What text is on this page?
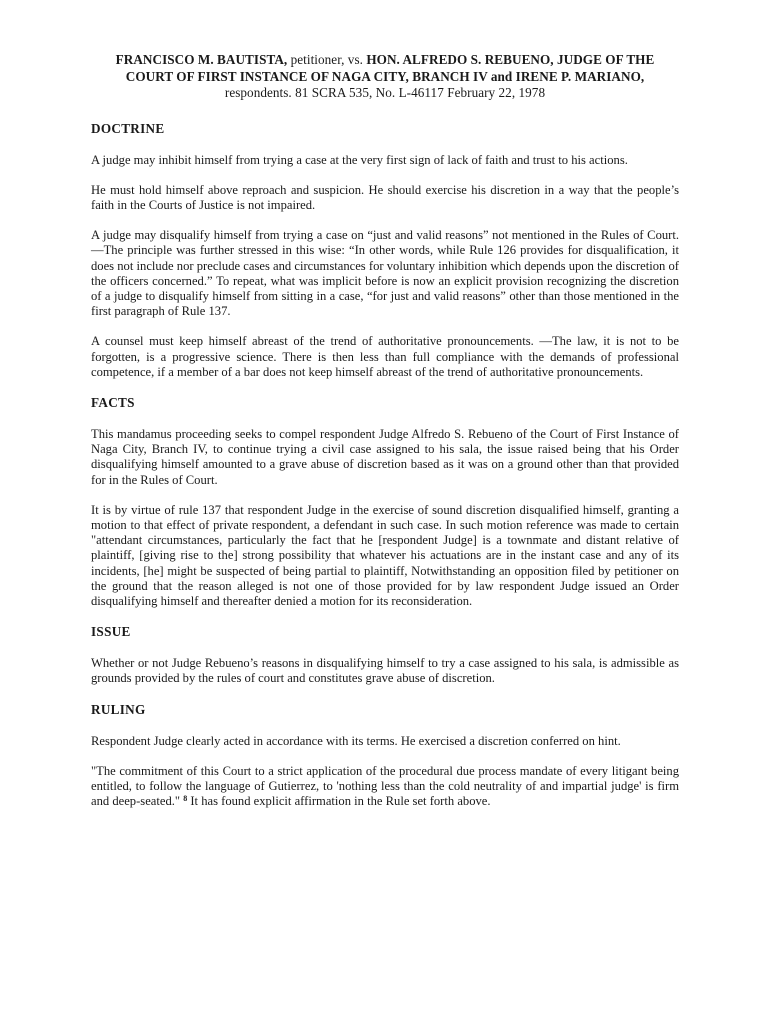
FRANCISCO M. BAUTISTA, petitioner, vs. HON. ALFREDO S. REBUENO, JUDGE OF THE COURT OF FIRST INSTANCE OF NAGA CITY, BRANCH IV and IRENE P. MARIANO, respondents. 81 SCRA 535, No. L-46117 February 22, 1978
DOCTRINE

A judge may inhibit himself from trying a case at the very first sign of lack of faith and trust to his actions.

He must hold himself above reproach and suspicion. He should exercise his discretion in a way that the people’s faith in the Courts of Justice is not impaired.

A judge may disqualify himself from trying a case on “just and valid reasons” not mentioned in the Rules of Court. —The principle was further stressed in this wise: “In other words, while Rule 126 provides for disqualification, it does not include nor preclude cases and circumstances for voluntary inhibition which depends upon the discretion of the officers concerned.” To repeat, what was implicit before is now an explicit provision recognizing the discretion of a judge to disqualify himself from sitting in a case, “for just and valid reasons” other than those mentioned in the first paragraph of Rule 137.

A counsel must keep himself abreast of the trend of authoritative pronouncements. —The law, it is not to be forgotten, is a progressive science. There is then less than full compliance with the demands of professional competence, if a member of a bar does not keep himself abreast of the trend of authoritative pronouncements.

FACTS

This mandamus proceeding seeks to compel respondent Judge Alfredo S. Rebueno of the Court of First Instance of Naga City, Branch IV, to continue trying a civil case assigned to his sala, the issue raised being that his Order disqualifying himself amounted to a grave abuse of discretion based as it was on a ground other than that provided for in the Rules of Court.

It is by virtue of rule 137 that respondent Judge in the exercise of sound discretion disqualified himself, granting a motion to that effect of private respondent, a defendant in such case. In such motion reference was made to certain "attendant circumstances, particularly the fact that he [respondent Judge] is a townmate and distant relative of plaintiff, [giving rise to the] strong possibility that whatever his actuations are in the instant case and any of its incidents, [he] might be suspected of being partial to plaintiff, Notwithstanding an opposition filed by petitioner on the ground that the reason alleged is not one of those provided for by law respondent Judge issued an Order disqualifying himself and thereafter denied a motion for its reconsideration.

ISSUE

Whether or not Judge Rebueno’s reasons in disqualifying himself to try a case assigned to his sala, is admissible as grounds provided by the rules of court and constitutes grave abuse of discretion.

RULING

Respondent Judge clearly acted in accordance with its terms. He exercised a discretion conferred on hint.

"The commitment of this Court to a strict application of the procedural due process mandate of every litigant being entitled, to follow the language of Gutierrez, to 'nothing less than the cold neutrality of and impartial judge' is firm and deep-seated." $^8$ It has found explicit affirmation in the Rule set forth above.
